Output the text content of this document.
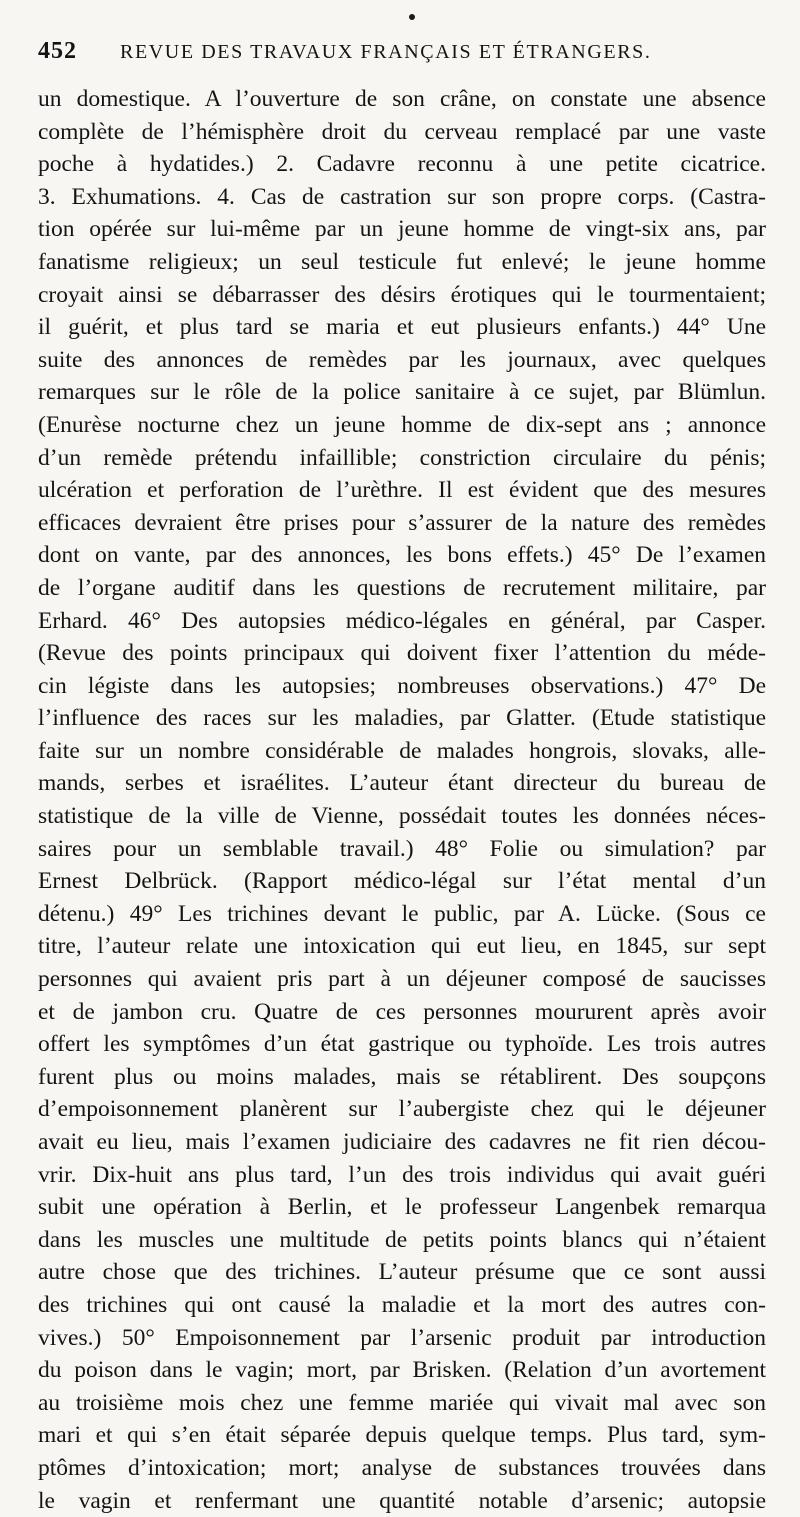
452	REVUE DES TRAVAUX FRANÇAIS ET ÉTRANGERS.
un domestique. A l’ouverture de son crâne, on constate une absence
complète de l’hémisphère droit du cerveau remplacé par une vaste
poche à hydatides.) 2. Cadavre reconnu à une petite cicatrice.
3. Exhumations. 4. Cas de castration sur son propre corps. (Castra-
tion opérée sur lui-même par un jeune homme de vingt-six ans, par
fanatisme religieux; un seul testicule fut enlevé; le jeune homme
croyait ainsi se débarrasser des désirs érotiques qui le tourmentaient;
il guérit, et plus tard se maria et eut plusieurs enfants.) 44° Une
suite des annonces de remèdes par les journaux, avec quelques
remarques sur le rôle de la police sanitaire à ce sujet, par Blümlun.
(Enurèse nocturne chez un jeune homme de dix-sept ans ; annonce
d’un remède prétendu infaillible; constriction circulaire du pénis;
ulcération et perforation de l’urèthre. Il est évident que des mesures
efficaces devraient être prises pour s’assurer de la nature des remèdes
dont on vante, par des annonces, les bons effets.) 45° De l’examen
de l’organe auditif dans les questions de recrutement militaire, par
Erhard. 46° Des autopsies médico-légales en général, par Casper.
(Revue des points principaux qui doivent fixer l’attention du méde-
cin légiste dans les autopsies; nombreuses observations.) 47° De
l’influence des races sur les maladies, par Glatter. (Etude statistique
faite sur un nombre considérable de malades hongrois, slovaks, alle-
mands, serbes et israélites. L’auteur étant directeur du bureau de
statistique de la ville de Vienne, possédait toutes les données néces-
saires pour un semblable travail.) 48° Folie ou simulation? par
Ernest Delbrück. (Rapport médico-légal sur l’état mental d’un
détenu.) 49° Les trichines devant le public, par A. Lücke. (Sous ce
titre, l’auteur relate une intoxication qui eut lieu, en 1845, sur sept
personnes qui avaient pris part à un déjeuner composé de saucisses
et de jambon cru. Quatre de ces personnes moururent après avoir
offert les symptômes d’un état gastrique ou typhoïde. Les trois autres
furent plus ou moins malades, mais se rétablirent. Des soupçons
d’empoisonnement planèrent sur l’aubergiste chez qui le déjeuner
avait eu lieu, mais l’examen judiciaire des cadavres ne fit rien décou-
vrir. Dix-huit ans plus tard, l’un des trois individus qui avait guéri
subit une opération à Berlin, et le professeur Langenbek remarqua
dans les muscles une multitude de petits points blancs qui n’étaient
autre chose que des trichines. L’auteur présume que ce sont aussi
des trichines qui ont causé la maladie et la mort des autres con-
vives.) 50° Empoisonnement par l’arsenic produit par introduction
du poison dans le vagin; mort, par Brisken. (Relation d’un avortement
au troisième mois chez une femme mariée qui vivait mal avec son
mari et qui s’en était séparée depuis quelque temps. Plus tard, sym-
ptômes d’intoxication; mort; analyse de substances trouvées dans
le vagin et renfermant une quantité notable d’arsenic; autopsie
